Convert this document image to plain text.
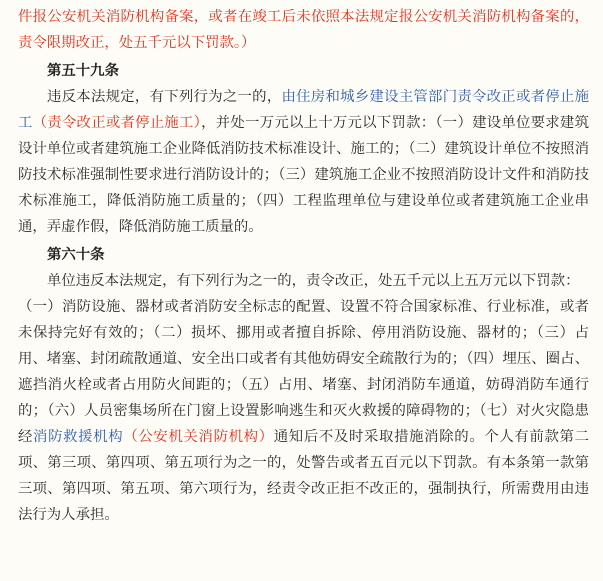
件报公安机关消防机构备案，或者在竣工后未依照本法规定报公安机关消防机构备案的，责令限期改正，处五千元以下罚款。）

第五十九条

违反本法规定，有下列行为之一的，由住房和城乡建设主管部门责令改正或者停止施工（责令改正或者停止施工），并处一万元以上十万元以下罚款：（一）建设单位要求建筑设计单位或者建筑施工企业降低消防技术标准设计、施工的；（二）建筑设计单位不按照消防技术标准强制性要求进行消防设计的；（三）建筑施工企业不按照消防设计文件和消防技术标准施工，降低消防施工质量的；（四）工程监理单位与建设单位或者建筑施工企业串通，弄虚作假，降低消防施工质量的。

第六十条

单位违反本法规定，有下列行为之一的，责令改正，处五千元以上五万元以下罚款：

（一）消防设施、器材或者消防安全标志的配置、设置不符合国家标准、行业标准，或者未保持完好有效的；（二）损坏、挪用或者擅自拆除、停用消防设施、器材的；（三）占用、堵塞、封闭疏散通道、安全出口或者有其他妨碍安全疏散行为的；（四）埋压、圈占、遮挡消火栓或者占用防火间距的；（五）占用、堵塞、封闭消防车通道，妨碍消防车通行的；（六）人员密集场所在门窗上设置影响逃生和灭火救援的障碍物的；（七）对火灾隐患经消防救援机构（公安机关消防机构）通知后不及时采取措施消除的。个人有前款第二项、第三项、第四项、第五项行为之一的，处警告或者五百元以下罚款。有本条第一款第三项、第四项、第五项、第六项行为，经责令改正拒不改正的，强制执行，所需费用由违法行为人承担。
